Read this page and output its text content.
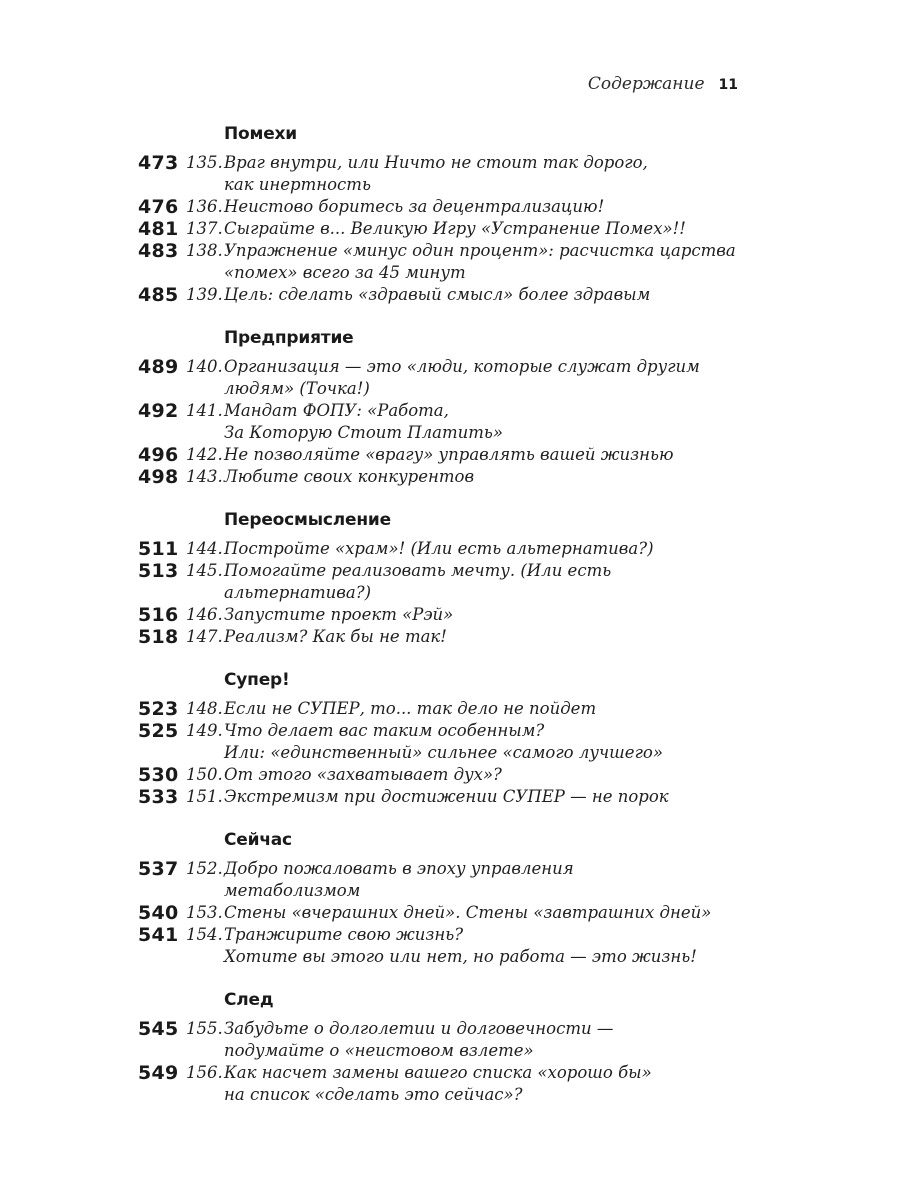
Содержание 11
Помехи
473 135. Враг внутри, или Ничто не стоит так дорого,
как инертность
476 136. Неистово боритесь за децентрализацию!
481 137. Сыграйте в... Великую Игру «Устранение Помех»!!
483 138. Упражнение «минус один процент»: расчистка царства
«помех» всего за 45 минут
485 139. Цель: сделать «здравый смысл» более здравым
Предприятие
489 140. Организация — это «люди, которые служат другим
людям» (Точка!)
492 141. Мандат ФОПУ: «Работа,
За Которую Стоит Платить»
496 142. Не позволяйте «врагу» управлять вашей жизнью
498 143. Любите своих конкурентов
Переосмысление
511 144. Постройте «храм»! (Или есть альтернатива?)
513 145. Помогайте реализовать мечту. (Или есть
альтернатива?)
516 146. Запустите проект «Рэй»
518 147. Реализм? Как бы не так!
Супер!
523 148. Если не СУПЕР, то... так дело не пойдет
525 149. Что делает вас таким особенным?
Или: «единственный» сильнее «самого лучшего»
530 150. От этого «захватывает дух»?
533 151. Экстремизм при достижении СУПЕР — не порок
Сейчас
537 152. Добро пожаловать в эпоху управления
метаболизмом
540 153. Стены «вчерашних дней». Стены «завтрашних дней»
541 154. Транжирите свою жизнь?
Хотите вы этого или нет, но работа — это жизнь!
След
545 155. Забудьте о долголетии и долговечности —
подумайте о «неистовом взлете»
549 156. Как насчет замены вашего списка «хорошо бы»
на список «сделать это сейчас»?
